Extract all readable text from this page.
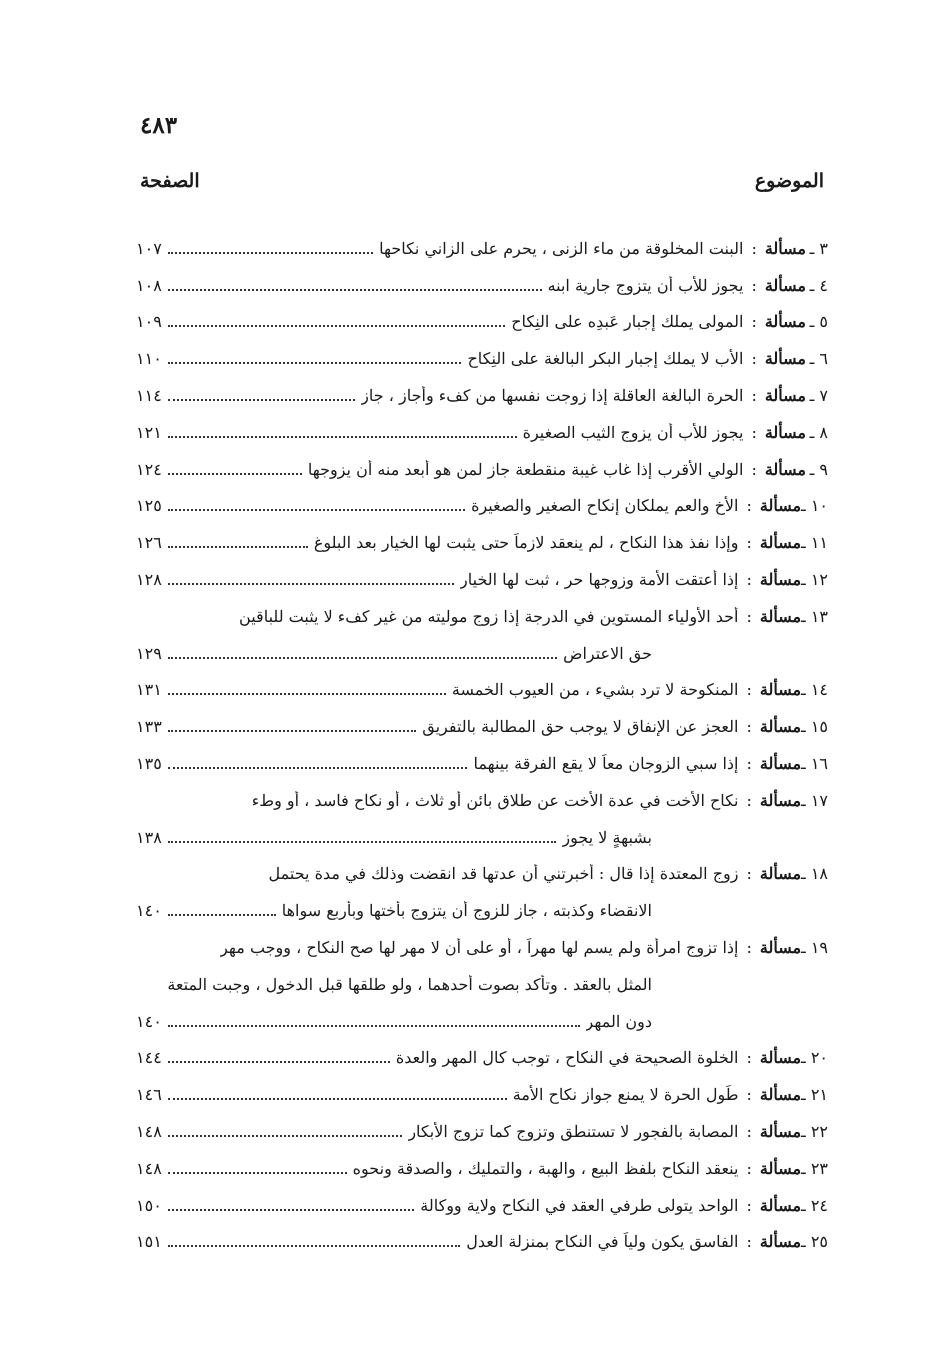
٤٨٣
الموضوع
الصفحة
٣ ـ
مسألة
:
البنت المخلوقة من ماء الزنى ، يحرم على الزاني نكاحها
١٠٧
٤ ـ
مسألة
:
يجوز للأب أن يتزوج جارية ابنه
١٠٨
٥ ـ
مسألة
:
المولى يملك إجبار عَبدِه على النِكاح
١٠٩
٦ ـ
مسألة
:
الأب لا يملك إجبار البكر البالغة على النِكاح
١١٠
٧ ـ
مسألة
:
الحرة البالغة العاقلة إذا زوجت نفسها من كفء وأجاز ، جاز
١١٤
٨ ـ
مسألة
:
يجوز للأب أن يزوج الثيب الصغيرة
١٢١
٩ ـ
مسألة
:
الولي الأقرب إذا غاب غيبة منقطعة جاز لمن هو أبعد منه أن يزوجها
١٢٤
١٠ ـ
مسألة
:
الأخ والعم يملكان إنكاح الصغير والصغيرة
١٢٥
١١ ـ
مسألة
:
وإذا نفذ هذا النكاح ، لم ينعقد لازماً حتى يثبت لها الخيار بعد البلوغ
١٢٦
١٢ ـ
مسألة
:
إذا أعتقت الأمة وزوجها حر ، ثبت لها الخيار
١٢٨
١٣ ـ
مسألة
:
أحد الأولياء المستوين في الدرجة إذا زوج موليته من غير كفء لا يثبت للباقين
حق الاعتراض
١٢٩
١٤ ـ
مسألة
:
المنكوحة لا ترد بشيء ، من العيوب الخمسة
١٣١
١٥ ـ
مسألة
:
العجز عن الإنفاق لا يوجب حق المطالبة بالتفريق
١٣٣
١٦ ـ
مسألة
:
إذا سبي الزوجان معاً لا يقع الفرقة بينهما
١٣٥
١٧ ـ
مسألة
:
نكاح الأخت في عدة الأخت عن طلاق بائن أو ثلاث ، أو نكاح فاسد ، أو وطء
بشبهةٍ لا يجوز
١٣٨
١٨ ـ
مسألة
:
زوج المعتدة إذا قال : أخبرتني أن عدتها قد انقضت وذلك في مدة يحتمل
الانقضاء وكذبته ، جاز للزوج أن يتزوج بأختها وبأربع سواها
١٤٠
١٩ ـ
مسألة
:
إذا تزوج امرأة ولم يسم لها مهراً ، أو على أن لا مهر لها صح النكاح ، ووجب مهر
المثل بالعقد . وتأكد بصوت أحدهما ، ولو طلقها قبل الدخول ، وجبت المتعة
دون المهر
١٤٠
٢٠ ـ
مسألة
:
الخلوة الصحيحة في النكاح ، توجب كال المهر والعدة
١٤٤
٢١ ـ
مسألة
:
طَول الحرة لا يمنع جواز نكاح الأمة
١٤٦
٢٢ ـ
مسألة
:
المصابة بالفجور لا تستنطق وتزوج كما تزوج الأبكار
١٤٨
٢٣ ـ
مسألة
:
ينعقد النكاح بلفظ البيع ، والهبة ، والتمليك ، والصدقة ونحوه
١٤٨
٢٤ ـ
مسألة
:
الواحد يتولى طرفي العقد في النكاح ولاية ووكالة
١٥٠
٢٥ ـ
مسألة
:
الفاسق يكون ولياً في النكاح بمنزلة العدل
١٥١
